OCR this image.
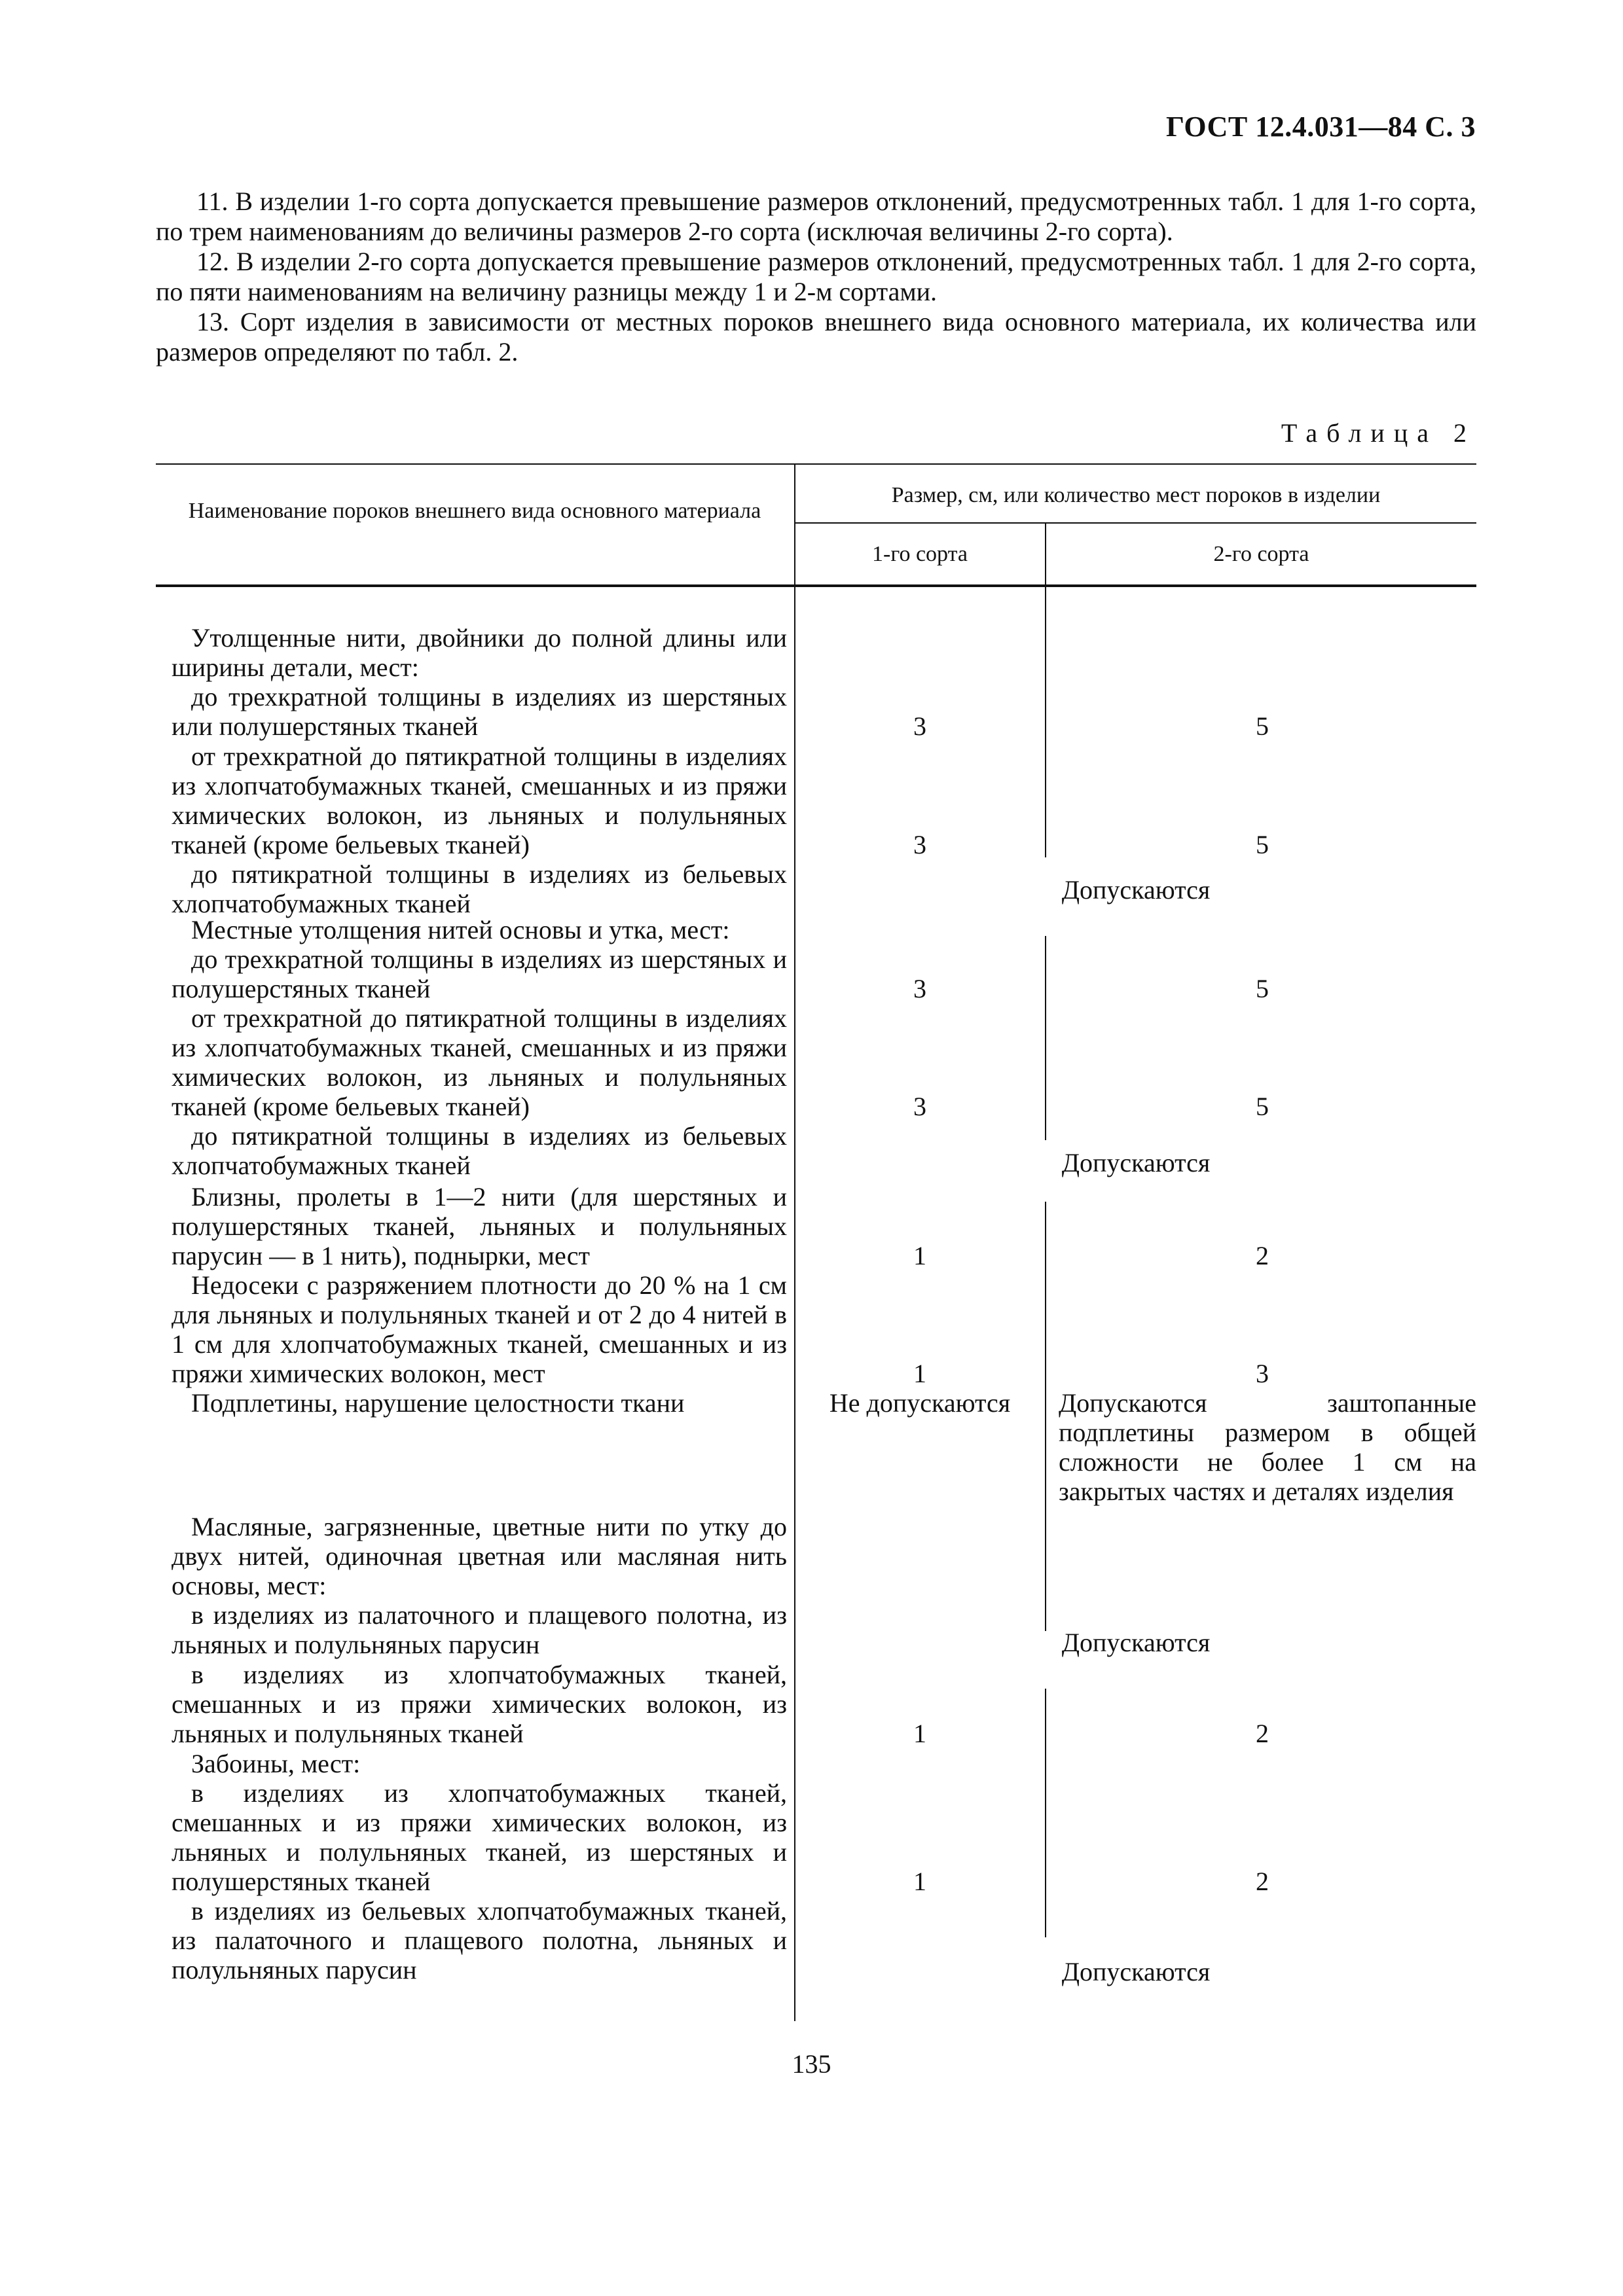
ГОСТ 12.4.031—84 С. 3

11. В изделии 1-го сорта допускается превышение размеров отклонений, предусмотренных табл. 1 для 1-го сорта, по трем наименованиям до величины размеров 2-го сорта (исключая величины 2-го сорта).

12. В изделии 2-го сорта допускается превышение размеров отклонений, предусмотренных табл. 1 для 2-го сорта, по пяти наименованиям на величину разницы между 1 и 2-м сортами.

13. Сорт изделия в зависимости от местных пороков внешнего вида основного материала, их количества или размеров определяют по табл. 2.

Таблица 2
Наименование пороков внешнего вида основного материала
Размер, см, или количество мест пороков в изделии
1-го сорта	2-го сорта
Утолщенные нити, двойники до полной длины или ширины детали, мест:
до трехкратной толщины в изделиях из шерстяных или полушерстяных тканей	3	5
от трехкратной до пятикратной толщины в изделиях из хлопчатобумажных тканей, смешанных и из пряжи химических волокон, из льняных и полульняных тканей (кроме бельевых тканей)	3	5
до пятикратной толщины в изделиях из бельевых хлопчатобумажных тканей	Допускаются
Местные утолщения нитей основы и утка, мест:
до трехкратной толщины в изделиях из шерстяных и полушерстяных тканей	3	5
от трехкратной до пятикратной толщины в изделиях из хлопчатобумажных тканей, смешанных и из пряжи химических волокон, из льняных и полульняных тканей (кроме бельевых тканей)	3	5
до пятикратной толщины в изделиях из бельевых хлопчатобумажных тканей	Допускаются
Близны, пролеты в 1—2 нити (для шерстяных и полушерстяных тканей, льняных и полульняных парусин — в 1 нить), поднырки, мест	1	2
Недосеки с разряжением плотности до 20 % на 1 см для льняных и полульняных тканей и от 2 до 4 нитей в 1 см для хлопчатобумажных тканей, смешанных и из пряжи химических волокон, мест	1	3
Подплетины, нарушение целостности ткани	Не допускаются	Допускаются заштопанные подплетины размером в общей сложности не более 1 см на закрытых частях и деталях изделия
Масляные, загрязненные, цветные нити по утку до двух нитей, одиночная цветная или масляная нить основы, мест:
в изделиях из палаточного и плащевого полотна, из льняных и полульняных парусин	Допускаются
в изделиях из хлопчатобумажных тканей, смешанных и из пряжи химических волокон, из льняных и полульняных тканей	1	2
Забоины, мест:
в изделиях из хлопчатобумажных тканей, смешанных и из пряжи химических волокон, из льняных и полульняных тканей, из шерстяных и полушерстяных тканей	1	2
в изделиях из бельевых хлопчатобумажных тканей, из палаточного и плащевого полотна, льняных и полульняных парусин	Допускаются
135
